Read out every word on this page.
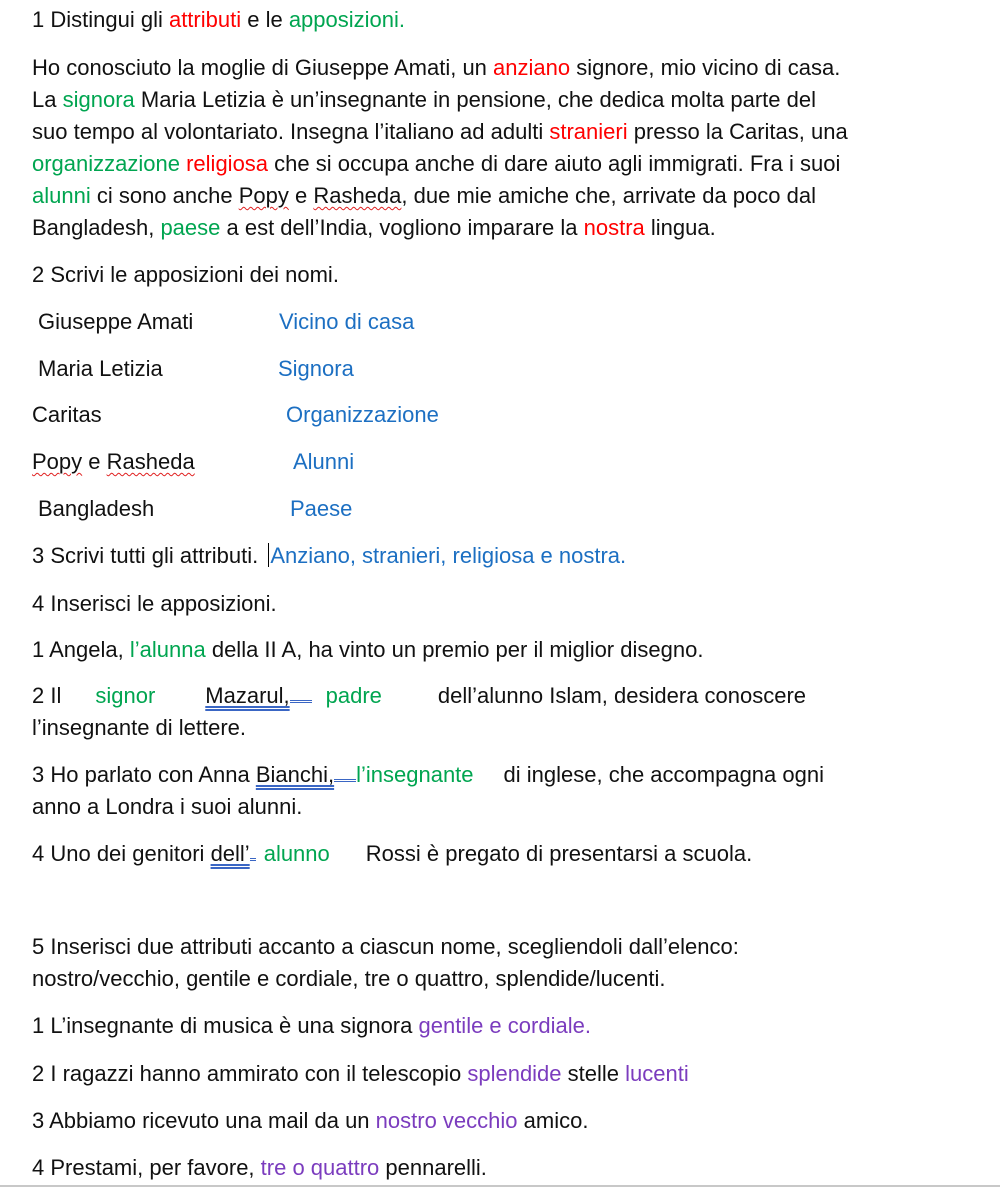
1 Distingui gli attributi e le apposizioni.
Ho conosciuto la moglie di Giuseppe Amati, un anziano signore, mio vicino di casa.
La signora Maria Letizia è un’insegnante in pensione, che dedica molta parte del
suo tempo al volontariato. Insegna l’italiano ad adulti stranieri presso la Caritas, una
organizzazione religiosa che si occupa anche di dare aiuto agli immigrati. Fra i suoi
alunni ci sono anche Popy e Rasheda, due mie amiche che, arrivate da poco dal
Bangladesh, paese a est dell’India, vogliono imparare la nostra lingua.
2 Scrivi le apposizioni dei nomi.
Giuseppe Amati	Vicino di casa
Maria Letizia	Signora
Caritas	Organizzazione
Popy e Rasheda	Alunni
Bangladesh	Paese
3 Scrivi tutti gli attributi. Anziano, stranieri, religiosa e nostra.
4 Inserisci le apposizioni.
1 Angela, l’alunna della II A, ha vinto un premio per il miglior disegno.
2 Il signor Mazarul, padre	dell’alunno Islam, desidera conoscere
l’insegnante di lettere.
3 Ho parlato con Anna Bianchi, l’insegnante di inglese, che accompagna ogni
anno a Londra i suoi alunni.
4 Uno dei genitori dell’ alunno Rossi è pregato di presentarsi a scuola.
5 Inserisci due attributi accanto a ciascun nome, scegliendoli dall’elenco:
nostro/vecchio, gentile e cordiale, tre o quattro, splendide/lucenti.
1 L’insegnante di musica è una signora gentile e cordiale.
2 I ragazzi hanno ammirato con il telescopio splendide stelle lucenti
3 Abbiamo ricevuto una mail da un nostro vecchio amico.
4 Prestami, per favore, tre o quattro pennarelli.
